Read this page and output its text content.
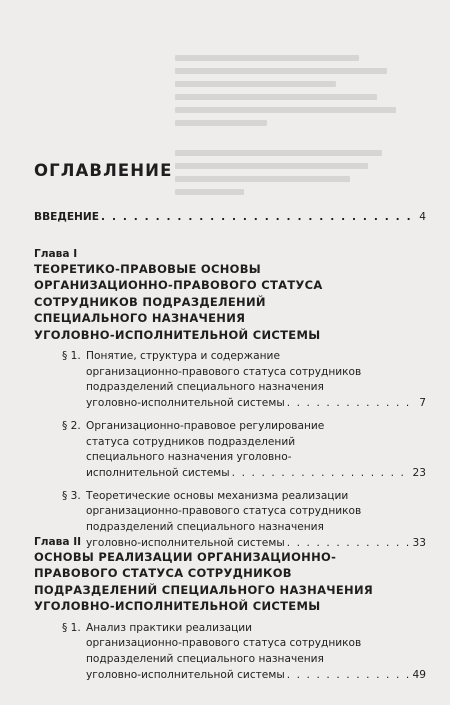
ОГЛАВЛЕНИЕ
ВВЕДЕНИЕ . . .	4
Глава I
ТЕОРЕТИКО-ПРАВОВЫЕ ОСНОВЫ
ОРГАНИЗАЦИОННО-ПРАВОВОГО СТАТУСА
СОТРУДНИКОВ ПОДРАЗДЕЛЕНИЙ
СПЕЦИАЛЬНОГО НАЗНАЧЕНИЯ
УГОЛОВНО-ИСПОЛНИТЕЛЬНОЙ СИСТЕМЫ
§ 1. Понятие, структура и содержание
организационно-правового статуса сотрудников
подразделений специального назначения
уголовно-исполнительной системы . . .	7
§ 2. Организационно-правовое регулирование
статуса сотрудников подразделений
специального назначения уголовно-
исполнительной системы . . .	23
§ 3. Теоретические основы механизма реализации
организационно-правового статуса сотрудников
подразделений специального назначения
уголовно-исполнительной системы . . .	33
Глава II
ОСНОВЫ РЕАЛИЗАЦИИ ОРГАНИЗАЦИОННО-
ПРАВОВОГО СТАТУСА СОТРУДНИКОВ
ПОДРАЗДЕЛЕНИЙ СПЕЦИАЛЬНОГО НАЗНАЧЕНИЯ
УГОЛОВНО-ИСПОЛНИТЕЛЬНОЙ СИСТЕМЫ
§ 1. Анализ практики реализации
организационно-правового статуса сотрудников
подразделений специального назначения
уголовно-исполнительной системы . . .	49
